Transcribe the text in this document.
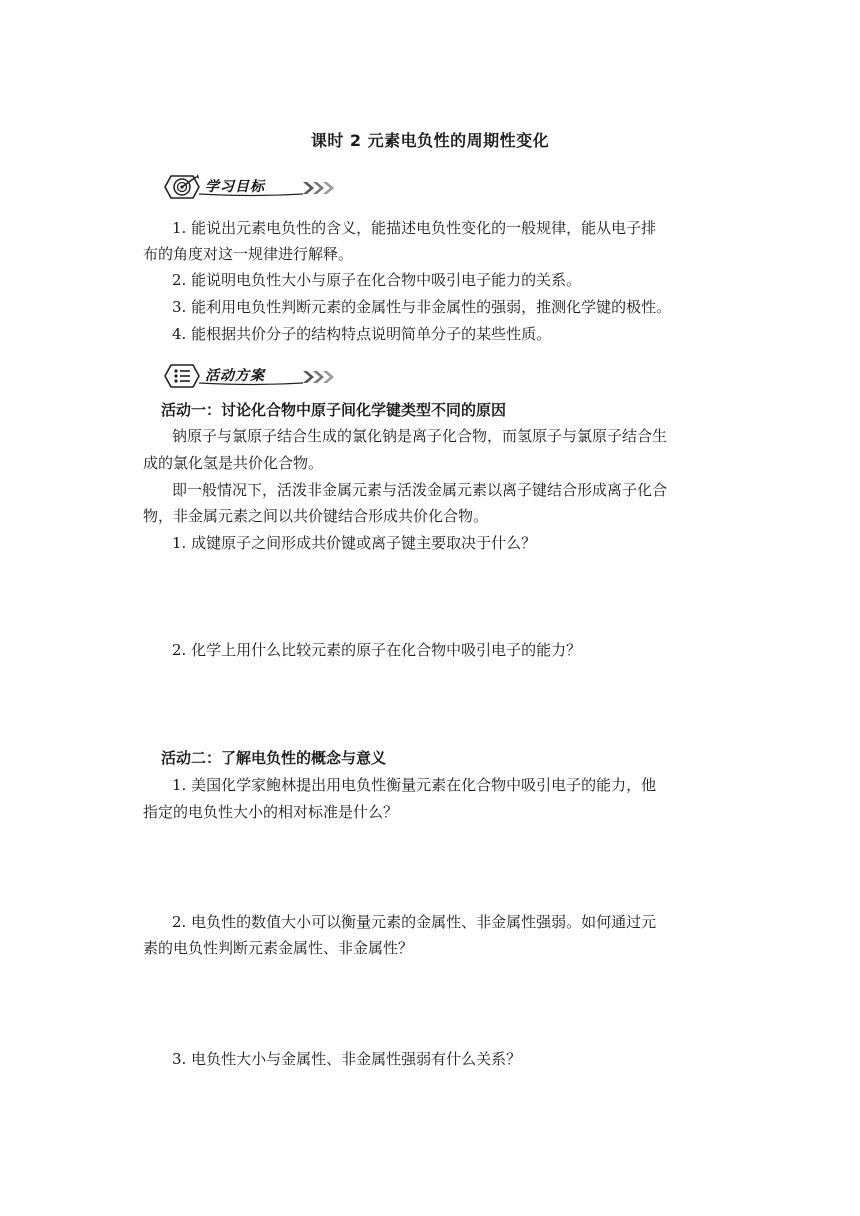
课时 2 元素电负性的周期性变化
学习目标
1. 能说出元素电负性的含义，能描述电负性变化的一般规律，能从电子排
布的角度对这一规律进行解释。
2. 能说明电负性大小与原子在化合物中吸引电子能力的关系。
3. 能利用电负性判断元素的金属性与非金属性的强弱，推测化学键的极性。
4. 能根据共价分子的结构特点说明简单分子的某些性质。
活动方案
活动一：讨论化合物中原子间化学键类型不同的原因
钠原子与氯原子结合生成的氯化钠是离子化合物，而氢原子与氯原子结合生
成的氯化氢是共价化合物。
即一般情况下，活泼非金属元素与活泼金属元素以离子键结合形成离子化合
物，非金属元素之间以共价键结合形成共价化合物。
1. 成键原子之间形成共价键或离子键主要取决于什么？
2. 化学上用什么比较元素的原子在化合物中吸引电子的能力？
活动二：了解电负性的概念与意义
1. 美国化学家鲍林提出用电负性衡量元素在化合物中吸引电子的能力，他
指定的电负性大小的相对标准是什么？
2. 电负性的数值大小可以衡量元素的金属性、非金属性强弱。如何通过元
素的电负性判断元素金属性、非金属性？
3. 电负性大小与金属性、非金属性强弱有什么关系？
